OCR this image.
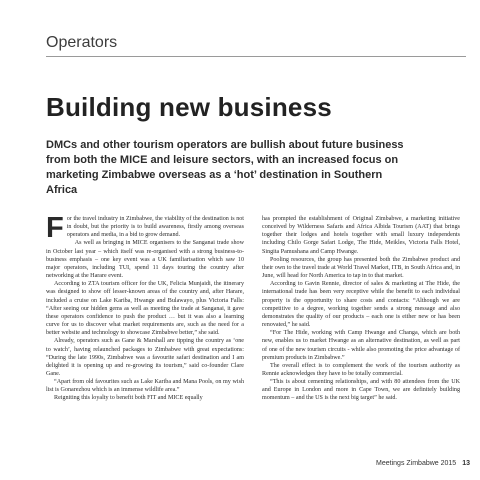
Operators
Building new business

DMCs and other tourism operators are bullish about future business from both the MICE and leisure sectors, with an increased focus on marketing Zimbabwe overseas as a ‘hot’ destination in Southern Africa

For the travel industry in Zimbabwe, the viability of the destination is not in doubt, but the priority is to build awareness, firstly among overseas operators and media, in a bid to grow demand.

As well as bringing in MICE organisers to the Sanganai trade show in October last year – which itself was re-organised with a strong business-to-business emphasis – one key event was a UK familiarisation which saw 10 major operators, including TUI, spend 11 days touring the country after networking at the Harare event.

According to ZTA tourism officer for the UK, Felicia Munjaidi, the itinerary was designed to show off lesser-known areas of the country and, after Harare, included a cruise on Lake Kariba, Hwange and Bulawayo, plus Victoria Falls: “After seeing our hidden gems as well as meeting the trade at Sanganai, it gave these operators confidence to push the product … but it was also a learning curve for us to discover what market requirements are, such as the need for a better website and technology to showcase Zimbabwe better,” she said.

Already, operators such as Gane & Marshall are tipping the country as ‘one to watch’, having relaunched packages to Zimbabwe with great expectations: “During the late 1990s, Zimbabwe was a favourite safari destination and I am delighted it is opening up and re-growing its tourism,” said co-founder Clare Gane.

“Apart from old favourites such as Lake Kariba and Mana Pools, on my wish list is Gonarezhou which is an immense wildlife area.”

Reigniting this loyalty to benefit both FIT and MICE equally

has prompted the establishment of Original Zimbabwe, a marketing initiative conceived by Wilderness Safaris and Africa Albida Tourism (AAT) that brings together their lodges and hotels together with small luxury independents including Chilo Gorge Safari Lodge, The Hide, Meikles, Victoria Falls Hotel, Singita Pamushana and Camp Hwange.

Pooling resources, the group has presented both the Zimbabwe product and their own to the travel trade at World Travel Market, ITB, in South Africa and, in June, will head for North America to tap in to that market.

According to Gavin Rennie, director of sales & marketing at The Hide, the international trade has been very receptive while the benefit to each individual property is the opportunity to share costs and contacts: “Although we are competitive to a degree, working together sends a strong message and also demonstrates the quality of our products – each one is either new or has been renovated,” he said.

“For The Hide, working with Camp Hwange and Changa, which are both new, enables us to market Hwange as an alternative destination, as well as part of one of the new tourism circuits - while also promoting the price advantage of premium products in Zimbabwe.”

The overall effect is to complement the work of the tourism authority as Rennie acknowledges they have to be totally commercial.

“This is about cementing relationships, and with 80 attendees from the UK and Europe in London and more in Cape Town, we are definitely building momentum – and the US is the next big target” he said.

Meetings Zimbabwe 2015 13
